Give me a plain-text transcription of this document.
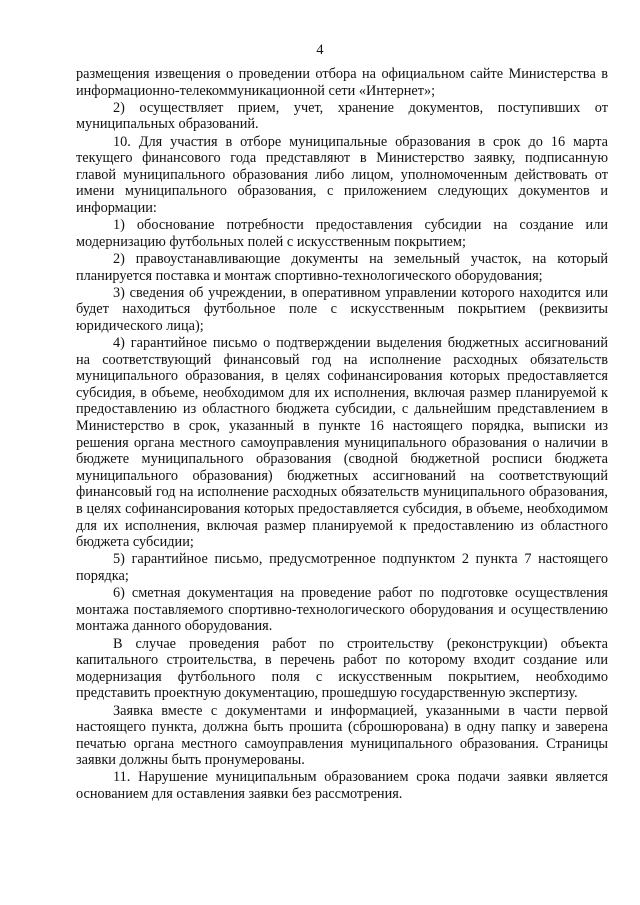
4

размещения извещения о проведении отбора на официальном сайте Министерства в информационно-телекоммуникационной сети «Интернет»;

2) осуществляет прием, учет, хранение документов, поступивших от муниципальных образований.

10. Для участия в отборе муниципальные образования в срок до 16 марта текущего финансового года представляют в Министерство заявку, подписанную главой муниципального образования либо лицом, уполномоченным действовать от имени муниципального образования, с приложением следующих документов и информации:

1) обоснование потребности предоставления субсидии на создание или модернизацию футбольных полей с искусственным покрытием;

2) правоустанавливающие документы на земельный участок, на который планируется поставка и монтаж спортивно-технологического оборудования;

3) сведения об учреждении, в оперативном управлении которого находится или будет находиться футбольное поле с искусственным покрытием (реквизиты юридического лица);

4) гарантийное письмо о подтверждении выделения бюджетных ассигнований на соответствующий финансовый год на исполнение расходных обязательств муниципального образования, в целях софинансирования которых предоставляется субсидия, в объеме, необходимом для их исполнения, включая размер планируемой к предоставлению из областного бюджета субсидии, с дальнейшим представлением в Министерство в срок, указанный в пункте 16 настоящего порядка, выписки из решения органа местного самоуправления муниципального образования о наличии в бюджете муниципального образования (сводной бюджетной росписи бюджета муниципального образования) бюджетных ассигнований на соответствующий финансовый год на исполнение расходных обязательств муниципального образования, в целях софинансирования которых предоставляется субсидия, в объеме, необходимом для их исполнения, включая размер планируемой к предоставлению из областного бюджета субсидии;

5) гарантийное письмо, предусмотренное подпунктом 2 пункта 7 настоящего порядка;

6) сметная документация на проведение работ по подготовке осуществления монтажа поставляемого спортивно-технологического оборудования и осуществлению монтажа данного оборудования.

В случае проведения работ по строительству (реконструкции) объекта капитального строительства, в перечень работ по которому входит создание или модернизация футбольного поля с искусственным покрытием, необходимо представить проектную документацию, прошедшую государственную экспертизу.

Заявка вместе с документами и информацией, указанными в части первой настоящего пункта, должна быть прошита (сброшюрована) в одну папку и заверена печатью органа местного самоуправления муниципального образования. Страницы заявки должны быть пронумерованы.

11. Нарушение муниципальным образованием срока подачи заявки является основанием для оставления заявки без рассмотрения.
